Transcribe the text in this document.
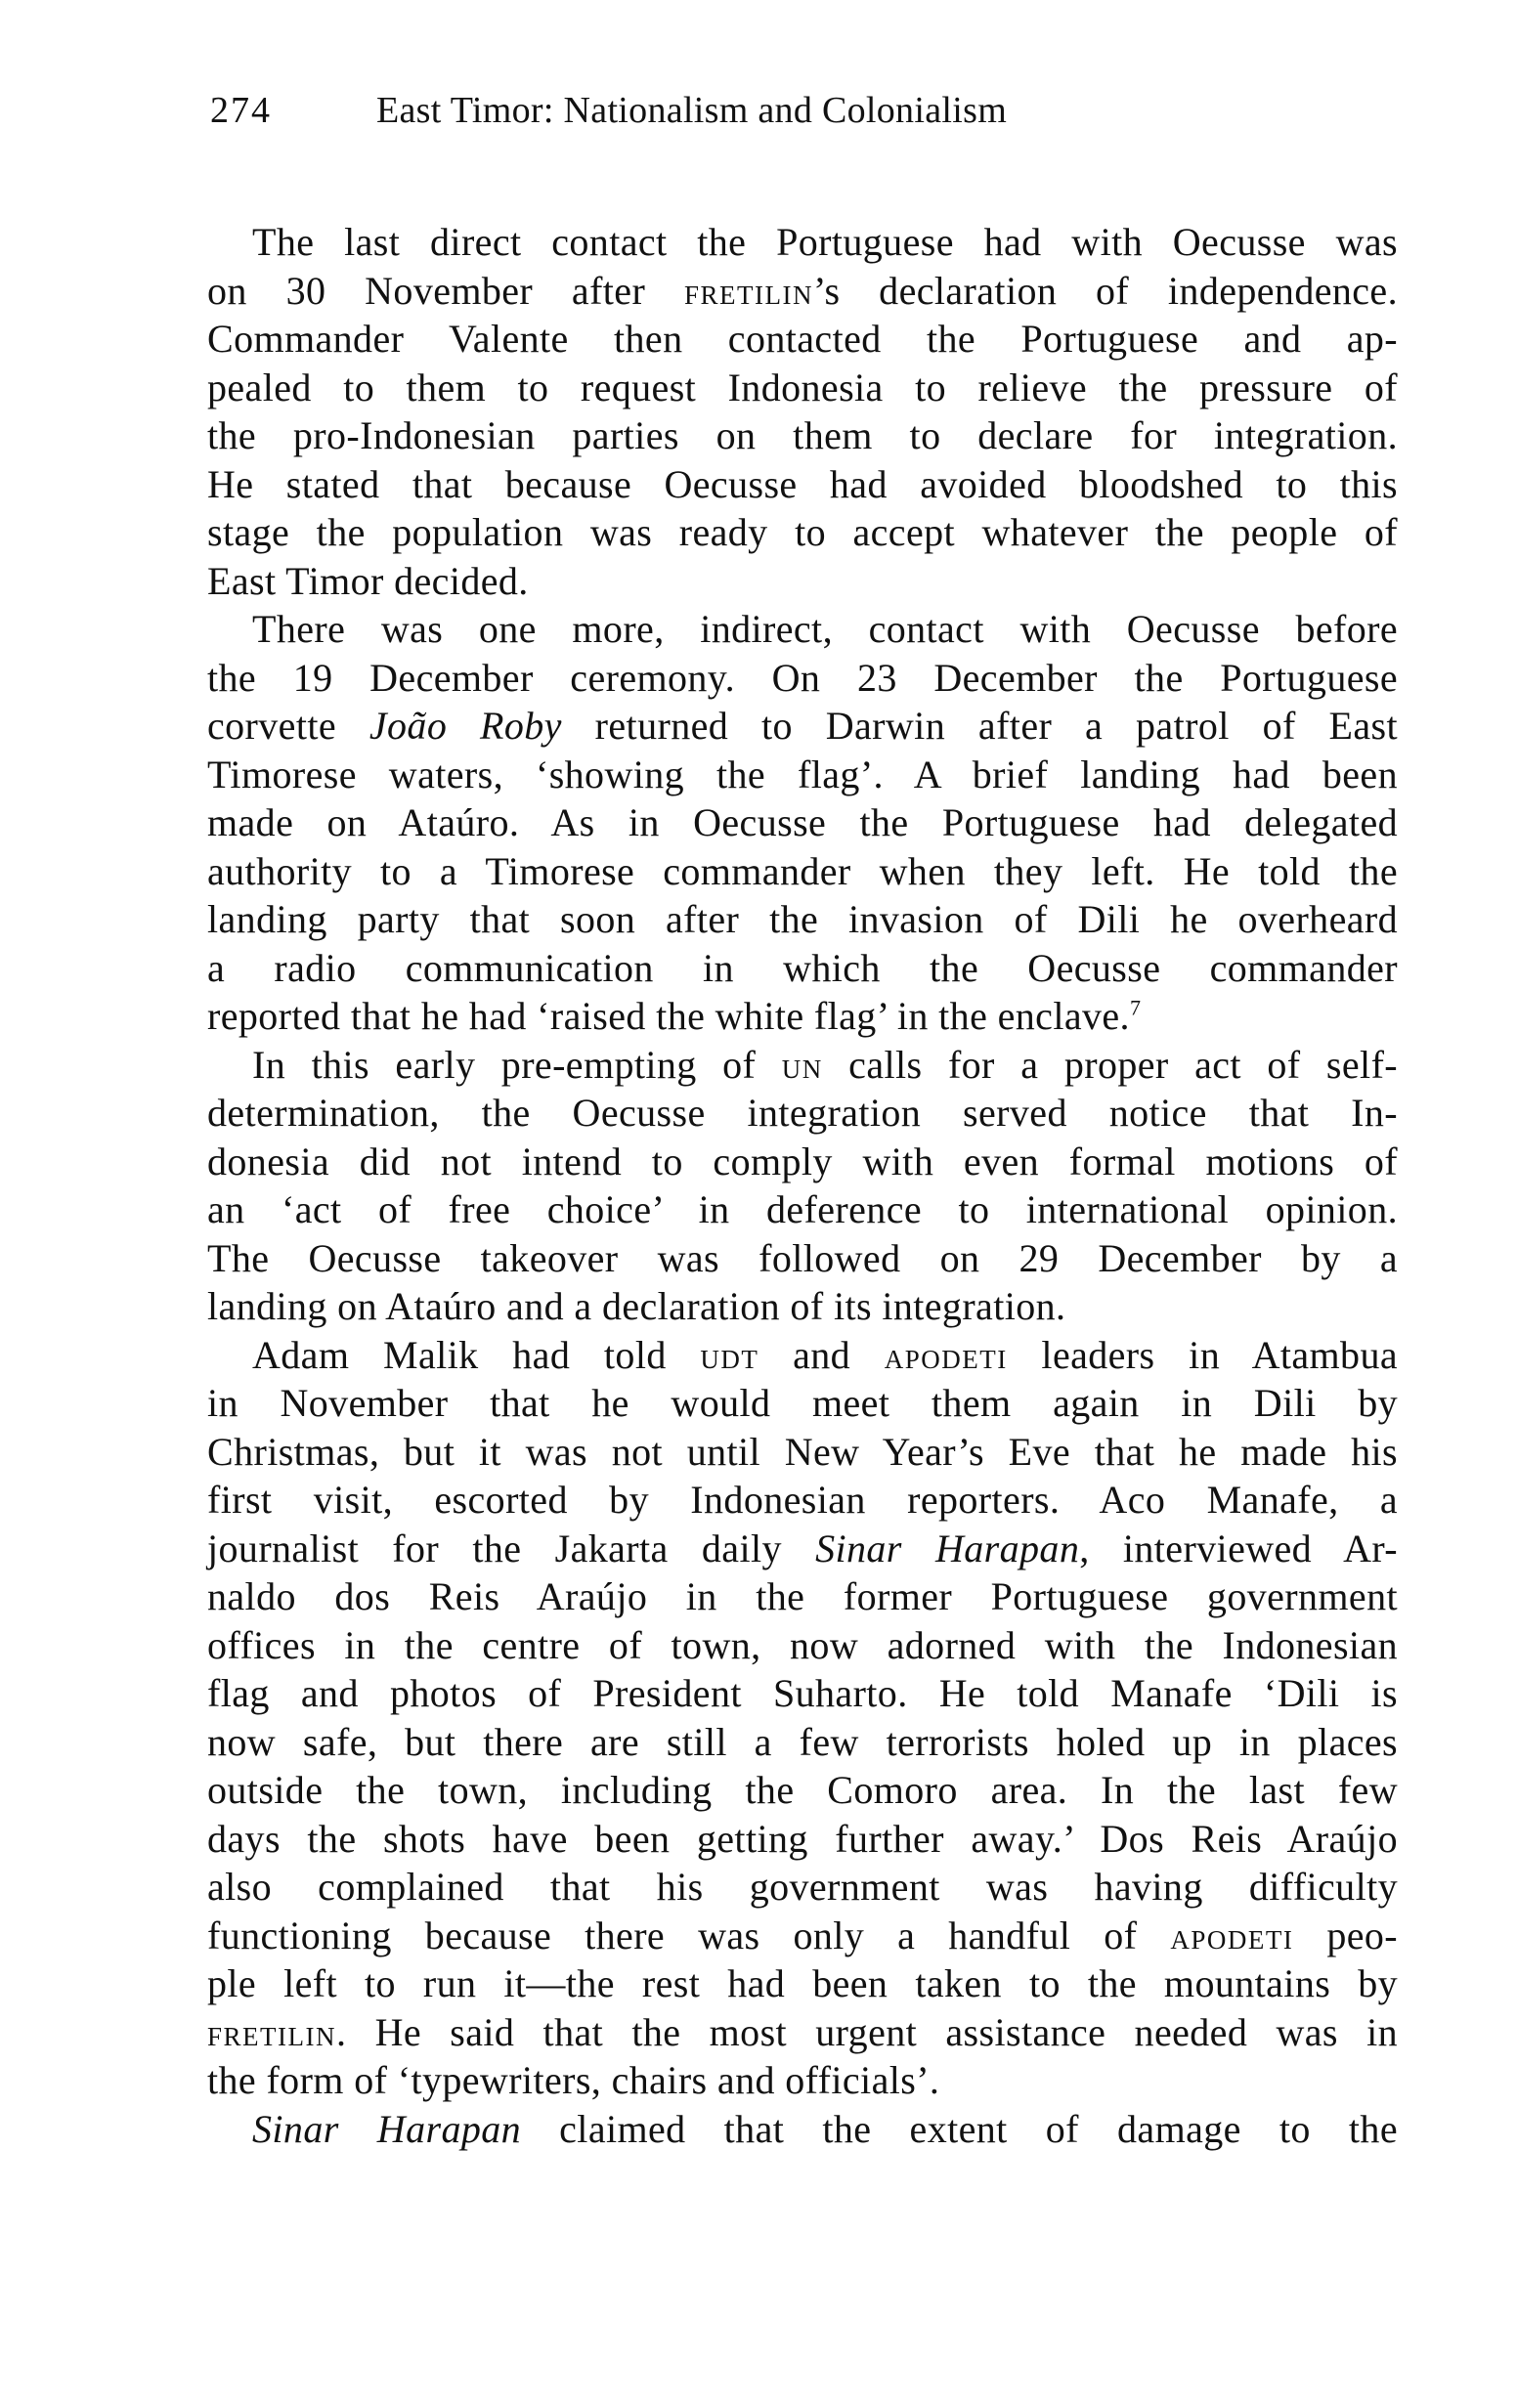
274	East Timor: Nationalism and Colonialism
The last direct contact the Portuguese had with Oecusse was
on 30 November after FRETILIN’s declaration of independence.
Commander Valente then contacted the Portuguese and ap-
pealed to them to request Indonesia to relieve the pressure of
the pro-Indonesian parties on them to declare for integration.
He stated that because Oecusse had avoided bloodshed to this
stage the population was ready to accept whatever the people of
East Timor decided.
There was one more, indirect, contact with Oecusse before
the 19 December ceremony. On 23 December the Portuguese
corvette João Roby returned to Darwin after a patrol of East
Timorese waters, ‘showing the flag’. A brief landing had been
made on Ataúro. As in Oecusse the Portuguese had delegated
authority to a Timorese commander when they left. He told the
landing party that soon after the invasion of Dili he overheard
a radio communication in which the Oecusse commander
reported that he had ‘raised the white flag’ in the enclave.$^7$
In this early pre-empting of UN calls for a proper act of self-
determination, the Oecusse integration served notice that In-
donesia did not intend to comply with even formal motions of
an ‘act of free choice’ in deference to international opinion.
The Oecusse takeover was followed on 29 December by a
landing on Ataúro and a declaration of its integration.
Adam Malik had told UDT and APODETI leaders in Atambua
in November that he would meet them again in Dili by
Christmas, but it was not until New Year’s Eve that he made his
first visit, escorted by Indonesian reporters. Aco Manafe, a
journalist for the Jakarta daily Sinar Harapan, interviewed Ar-
naldo dos Reis Araújo in the former Portuguese government
offices in the centre of town, now adorned with the Indonesian
flag and photos of President Suharto. He told Manafe ‘Dili is
now safe, but there are still a few terrorists holed up in places
outside the town, including the Comoro area. In the last few
days the shots have been getting further away.’ Dos Reis Araújo
also complained that his government was having difficulty
functioning because there was only a handful of APODETI peo-
ple left to run it—the rest had been taken to the mountains by
FRETILIN. He said that the most urgent assistance needed was in
the form of ‘typewriters, chairs and officials’.
Sinar Harapan claimed that the extent of damage to the
